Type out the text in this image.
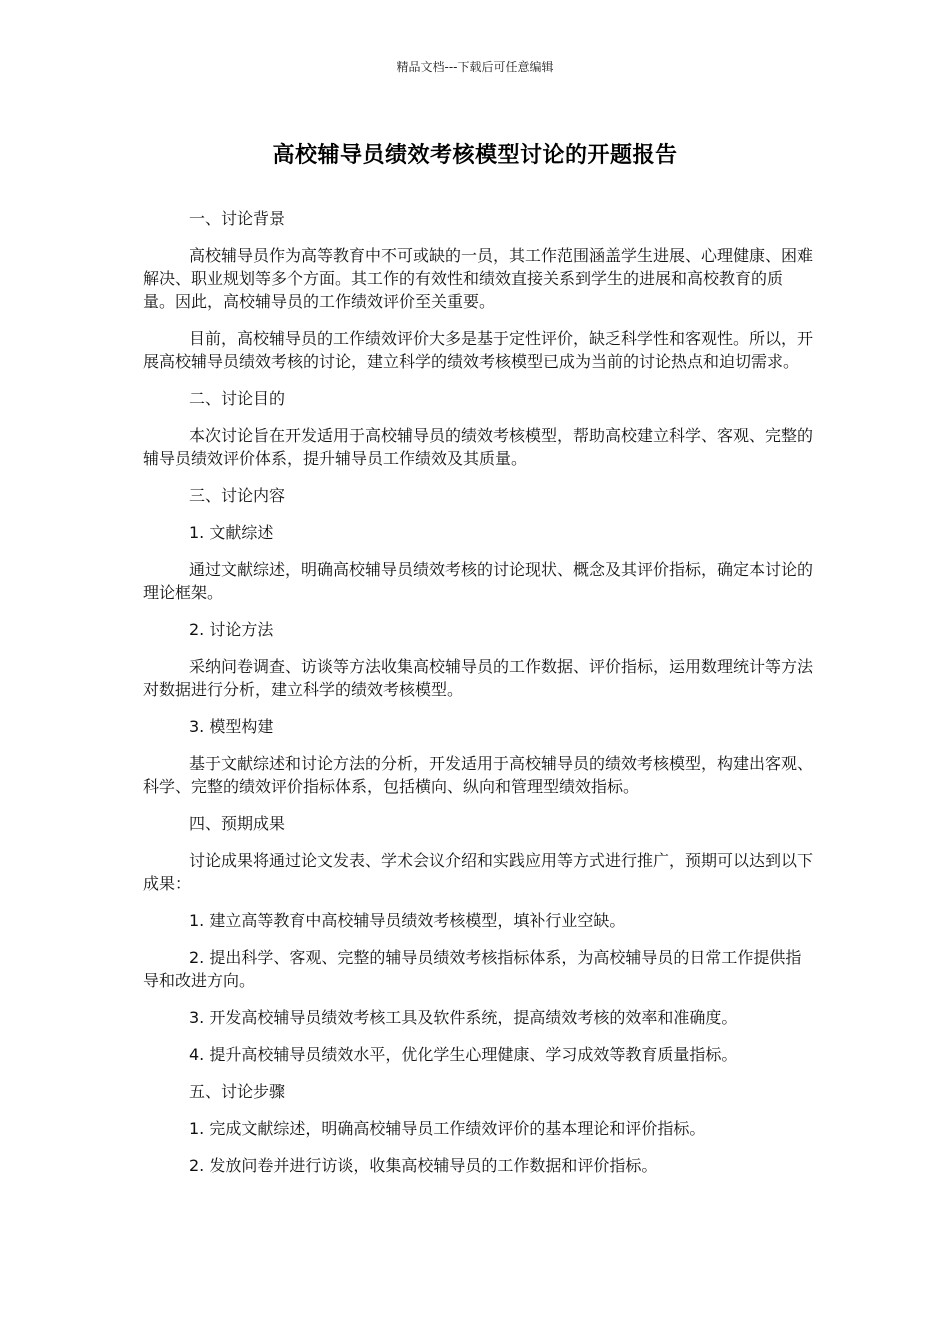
精品文档---下载后可任意编辑
高校辅导员绩效考核模型讨论的开题报告

一、讨论背景

高校辅导员作为高等教育中不可或缺的一员，其工作范围涵盖学生进展、心理健康、困难解决、职业规划等多个方面。其工作的有效性和绩效直接关系到学生的进展和高校教育的质量。因此，高校辅导员的工作绩效评价至关重要。

目前，高校辅导员的工作绩效评价大多是基于定性评价，缺乏科学性和客观性。所以，开展高校辅导员绩效考核的讨论，建立科学的绩效考核模型已成为当前的讨论热点和迫切需求。

二、讨论目的

本次讨论旨在开发适用于高校辅导员的绩效考核模型，帮助高校建立科学、客观、完整的辅导员绩效评价体系，提升辅导员工作绩效及其质量。

三、讨论内容

1. 文献综述

通过文献综述，明确高校辅导员绩效考核的讨论现状、概念及其评价指标，确定本讨论的理论框架。

2. 讨论方法

采纳问卷调查、访谈等方法收集高校辅导员的工作数据、评价指标，运用数理统计等方法对数据进行分析，建立科学的绩效考核模型。

3. 模型构建

基于文献综述和讨论方法的分析，开发适用于高校辅导员的绩效考核模型，构建出客观、科学、完整的绩效评价指标体系，包括横向、纵向和管理型绩效指标。

四、预期成果

讨论成果将通过论文发表、学术会议介绍和实践应用等方式进行推广，预期可以达到以下成果：

1. 建立高等教育中高校辅导员绩效考核模型，填补行业空缺。

2. 提出科学、客观、完整的辅导员绩效考核指标体系，为高校辅导员的日常工作提供指导和改进方向。

3. 开发高校辅导员绩效考核工具及软件系统，提高绩效考核的效率和准确度。

4. 提升高校辅导员绩效水平，优化学生心理健康、学习成效等教育质量指标。

五、讨论步骤

1. 完成文献综述，明确高校辅导员工作绩效评价的基本理论和评价指标。

2. 发放问卷并进行访谈，收集高校辅导员的工作数据和评价指标。
